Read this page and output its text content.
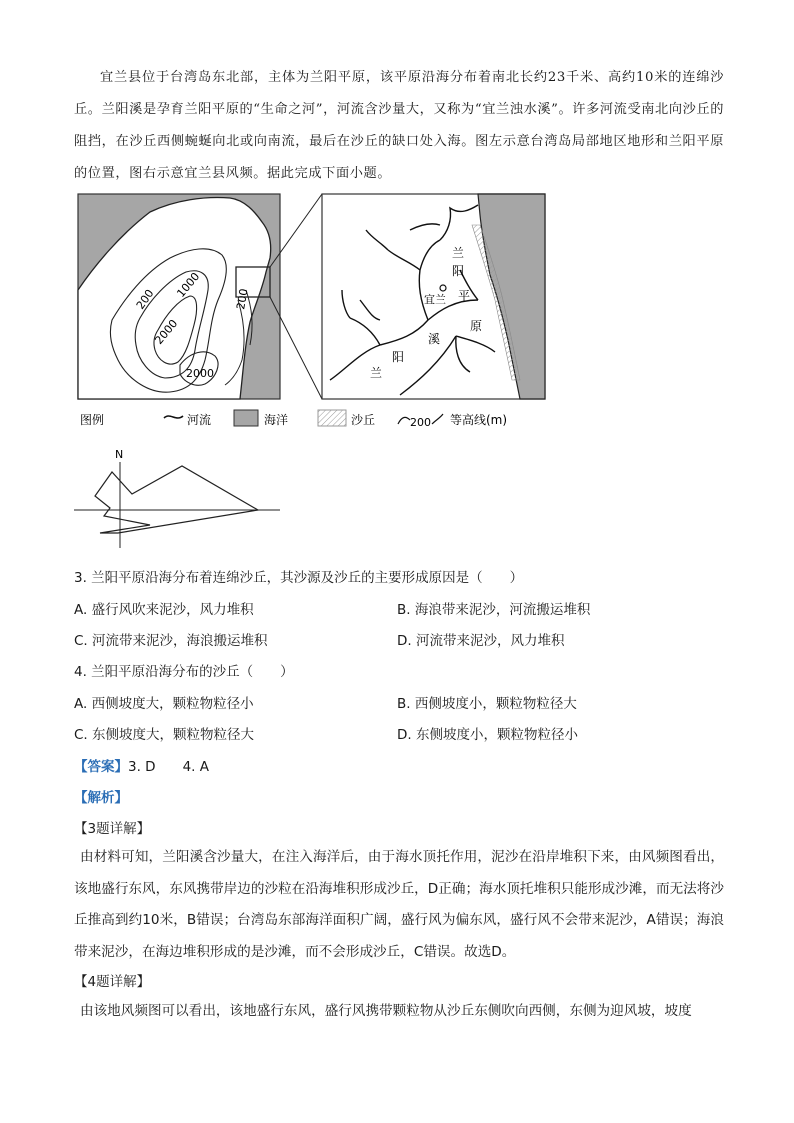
宜兰县位于台湾岛东北部，主体为兰阳平原，该平原沿海分布着南北长约23千米、高约10米的连绵沙丘。兰阳溪是孕育兰阳平原的“生命之河”，河流含沙量大，又称为“宜兰浊水溪”。许多河流受南北向沙丘的阻挡，在沙丘西侧蜿蜒向北或向南流，最后在沙丘的缺口处入海。图左示意台湾岛局部地区地形和兰阳平原的位置，图右示意宜兰县风频。据此完成下面小题。

200 1000
2000
2000
200
兰
阳
平
原
宜兰
溪
阳
兰
图例	河流	海洋	沙丘	200 等高线(m)
N
3. 兰阳平原沿海分布着连绵沙丘，其沙源及沙丘的主要形成原因是（　　）
A. 盛行风吹来泥沙，风力堆积	B. 海浪带来泥沙，河流搬运堆积
C. 河流带来泥沙，海浪搬运堆积	D. 河流带来泥沙，风力堆积
4. 兰阳平原沿海分布的沙丘（　　）
A. 西侧坡度大，颗粒物粒径小	B. 西侧坡度小，颗粒物粒径大
C. 东侧坡度大，颗粒物粒径大	D. 东侧坡度小，颗粒物粒径小
【答案】3. D　　4. A
【解析】
【3题详解】

由材料可知，兰阳溪含沙量大，在注入海洋后，由于海水顶托作用，泥沙在沿岸堆积下来，由风频图看出，该地盛行东风，东风携带岸边的沙粒在沿海堆积形成沙丘，D正确；海水顶托堆积只能形成沙滩，而无法将沙丘推高到约10米，B错误；台湾岛东部海洋面积广阔，盛行风为偏东风，盛行风不会带来泥沙，A错误；海浪带来泥沙，在海边堆积形成的是沙滩，而不会形成沙丘，C错误。故选D。

【4题详解】

由该地风频图可以看出，该地盛行东风，盛行风携带颗粒物从沙丘东侧吹向西侧，东侧为迎风坡，坡度
